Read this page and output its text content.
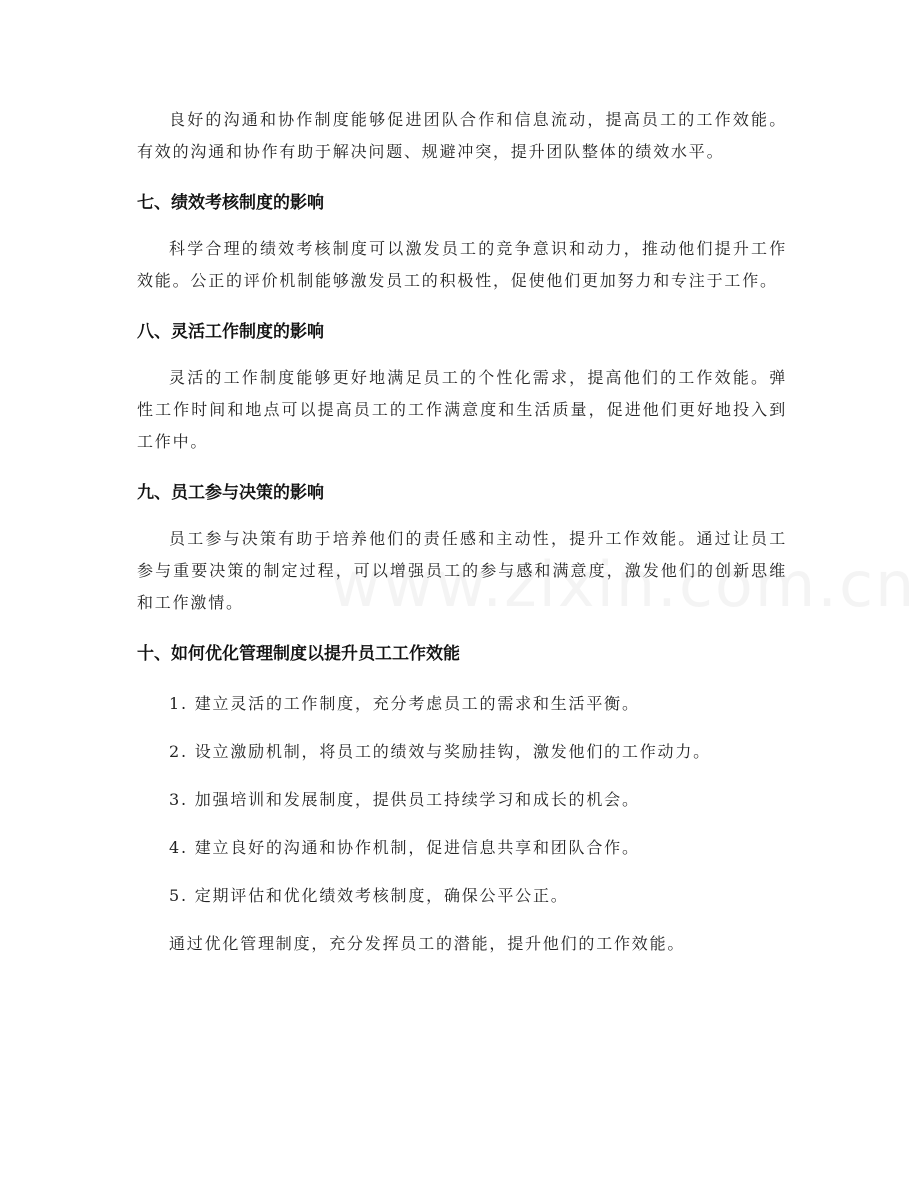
良好的沟通和协作制度能够促进团队合作和信息流动，提高员工的工作效能。有效的沟通和协作有助于解决问题、规避冲突，提升团队整体的绩效水平。

七、绩效考核制度的影响

科学合理的绩效考核制度可以激发员工的竞争意识和动力，推动他们提升工作效能。公正的评价机制能够激发员工的积极性，促使他们更加努力和专注于工作。

八、灵活工作制度的影响

灵活的工作制度能够更好地满足员工的个性化需求，提高他们的工作效能。弹性工作时间和地点可以提高员工的工作满意度和生活质量，促进他们更好地投入到工作中。

九、员工参与决策的影响

员工参与决策有助于培养他们的责任感和主动性，提升工作效能。通过让员工参与重要决策的制定过程，可以增强员工的参与感和满意度，激发他们的创新思维和工作激情。

十、如何优化管理制度以提升员工工作效能
1. 建立灵活的工作制度，充分考虑员工的需求和生活平衡。
2. 设立激励机制，将员工的绩效与奖励挂钩，激发他们的工作动力。
3. 加强培训和发展制度，提供员工持续学习和成长的机会。
4. 建立良好的沟通和协作机制，促进信息共享和团队合作。
5. 定期评估和优化绩效考核制度，确保公平公正。
通过优化管理制度，充分发挥员工的潜能，提升他们的工作效能。
